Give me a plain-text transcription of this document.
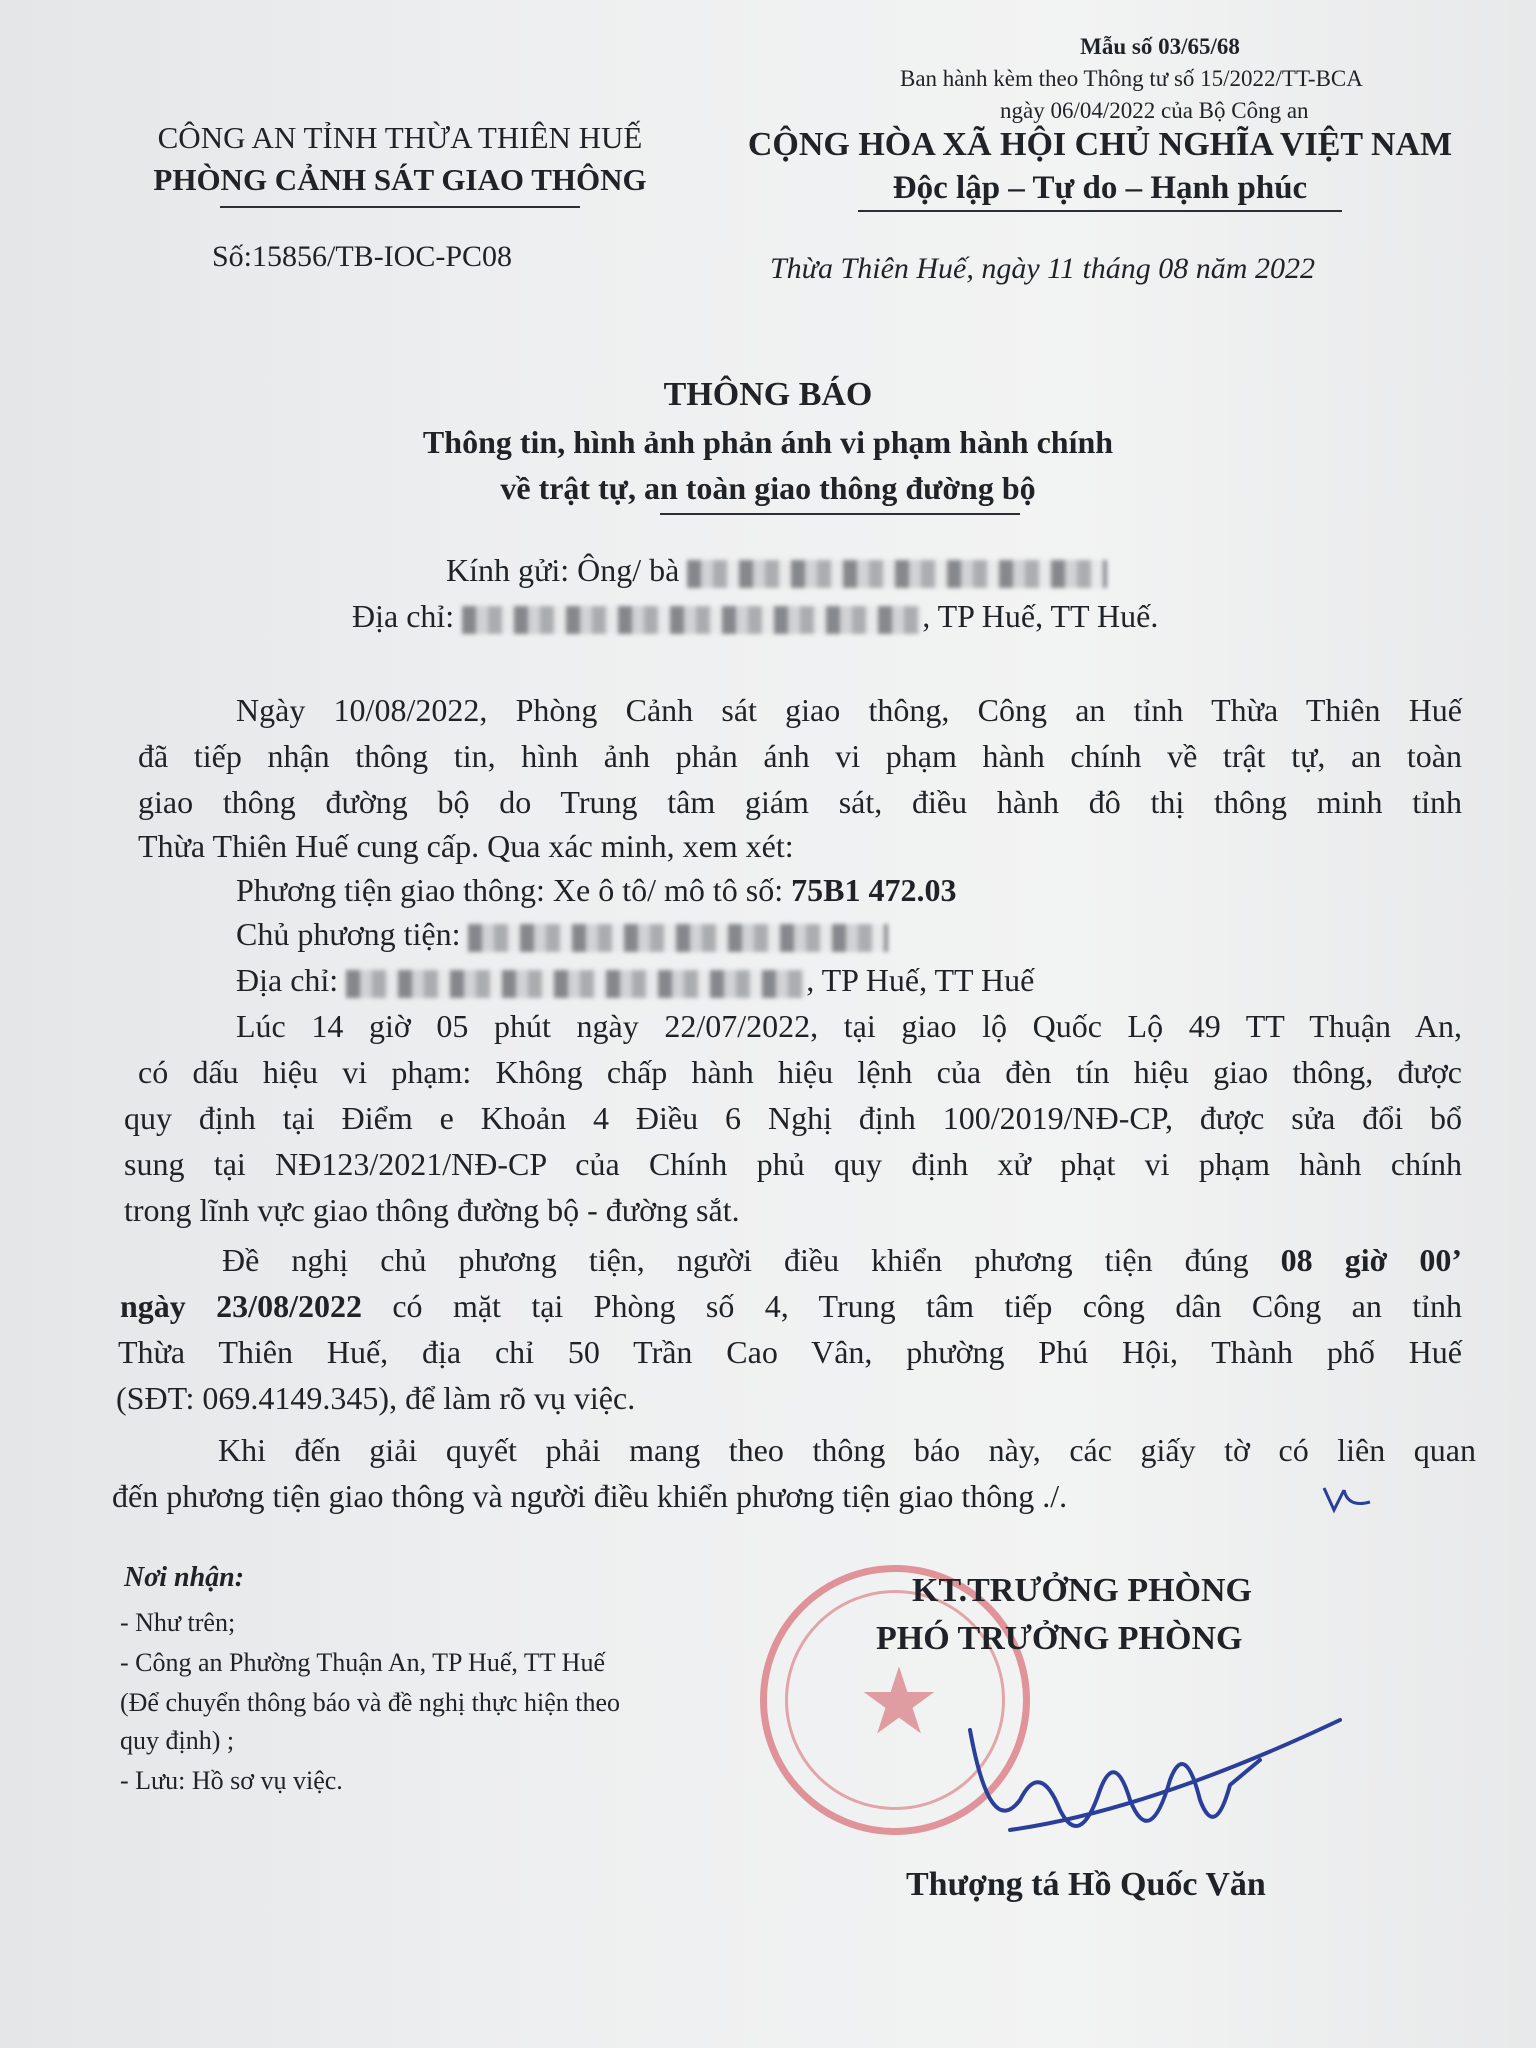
Mẫu số 03/65/68
Ban hành kèm theo Thông tư số 15/2022/TT-BCA
ngày 06/04/2022 của Bộ Công an
CÔNG AN TỈNH THỪA THIÊN HUẾ
PHÒNG CẢNH SÁT GIAO THÔNG
CỘNG HÒA XÃ HỘI CHỦ NGHĨA VIỆT NAM
Độc lập – Tự do – Hạnh phúc
Số:15856/TB-IOC-PC08	Thừa Thiên Huế, ngày 11 tháng 08 năm 2022
THÔNG BÁO
Thông tin, hình ảnh phản ánh vi phạm hành chính
về trật tự, an toàn giao thông đường bộ
Kính gửi: Ông/ bà
Địa chỉ:	, TP Huế, TT Huế.
Ngày 10/08/2022, Phòng Cảnh sát giao thông, Công an tỉnh Thừa Thiên Huế
đã tiếp nhận thông tin, hình ảnh phản ánh vi phạm hành chính về trật tự, an toàn
giao thông đường bộ do Trung tâm giám sát, điều hành đô thị thông minh tỉnh
Thừa Thiên Huế cung cấp. Qua xác minh, xem xét:
Phương tiện giao thông: Xe ô tô/ mô tô số: 75B1 472.03
Chủ phương tiện:
Địa chỉ:	, TP Huế, TT Huế
Lúc 14 giờ 05 phút ngày 22/07/2022, tại giao lộ Quốc Lộ 49 TT Thuận An,
có dấu hiệu vi phạm: Không chấp hành hiệu lệnh của đèn tín hiệu giao thông, được
quy định tại Điểm e Khoản 4 Điều 6 Nghị định 100/2019/NĐ-CP, được sửa đổi bổ
sung tại NĐ123/2021/NĐ-CP của Chính phủ quy định xử phạt vi phạm hành chính
trong lĩnh vực giao thông đường bộ - đường sắt.
Đề nghị chủ phương tiện, người điều khiển phương tiện đúng 08 giờ 00’
ngày 23/08/2022 có mặt tại Phòng số 4, Trung tâm tiếp công dân Công an tỉnh
Thừa Thiên Huế, địa chỉ 50 Trần Cao Vân, phường Phú Hội, Thành phố Huế
(SĐT: 069.4149.345), để làm rõ vụ việc.
Khi đến giải quyết phải mang theo thông báo này, các giấy tờ có liên quan
đến phương tiện giao thông và người điều khiển phương tiện giao thông ./.
Nơi nhận:
- Như trên;
- Công an Phường Thuận An, TP Huế, TT Huế
(Để chuyển thông báo và đề nghị thực hiện theo
quy định) ;
- Lưu: Hồ sơ vụ việc.
★
KT.TRƯỞNG PHÒNG
PHÓ TRƯỞNG PHÒNG
Thượng tá Hồ Quốc Văn
